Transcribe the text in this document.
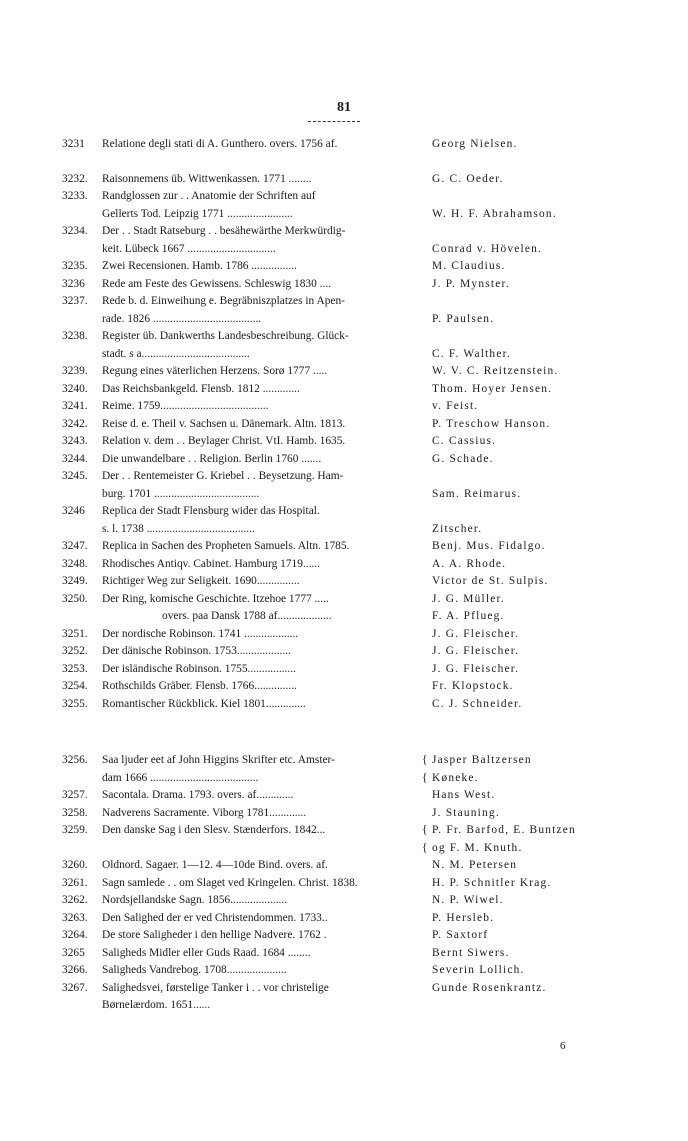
81
3231	Relatione degli stati di A. Gunthero. overs. 1756 af.	Georg Nielsen.
3232.	Raisonnemens üb. Wittwenkassen. 1771 ........	G. C. Oeder.
3233.	Randglossen zur . . Anatomie der Schriften auf
Gellerts Tod. Leipzig 1771 .......................	W. H. F. Abrahamson.
3234.	Der . . Stadt Ratseburg . . besähewärthe Merkwürdig-
keit. Lübeck 1667 ...............................	Conrad v. Hövelen.
3235.	Zwei Recensionen. Hamb. 1786 ................	M. Claudius.
3236	Rede am Feste des Gewissens. Schleswig 1830 ....	J. P. Mynster.
3237.	Rede b. d. Einweihung e. Begräbniszplatzes in Apen-
rade. 1826 ......................................	P. Paulsen.
3238.	Register üb. Dankwerths Landesbeschreibung. Glück-
stadt. s a......................................	C. F. Walther.
3239.	Regung eines väterlichen Herzens. Sorø 1777 .....	W. V. C. Reitzenstein.
3240.	Das Reichsbankgeld. Flensb. 1812 .............	Thom. Hoyer Jensen.
3241.	Reime. 1759......................................	v. Feist.
3242.	Reise d. e. Theil v. Sachsen u. Dänemark. Altn. 1813.	P. Treschow Hanson.
3243.	Relation v. dem . . Beylager Christ. VtI. Hamb. 1635.	C. Cassius.
3244.	Die unwandelbare . . Religion. Berlin 1760 .......	G. Schade.
3245.	Der . . Rentemeister G. Kriebel . . Beysetzung. Ham-
burg. 1701 .....................................	Sam. Reimarus.
3246	Replica der Stadt Flensburg wider das Hospital.
s. l. 1738 ......................................	Zitscher.
3247.	Replica in Sachen des Propheten Samuels. Altn. 1785.	Benj. Mus. Fidalgo.
3248.	Rhodisches Antiqv. Cabinet. Hamburg 1719......	A. A. Rhode.
3249.	Richtiger Weg zur Seligkeit. 1690...............	Victor de St. Sulpis.
3250.	Der Ring, komische Geschichte. Itzehoe 1777 .....	J. G. Müller.
overs. paa Dansk 1788 af...................	F. A. Pflueg.
3251.	Der nordische Robinson. 1741 ...................	J. G. Fleischer.
3252.	Der dänische Robinson. 1753...................	J. G. Fleischer.
3253.	Der isländische Robinson. 1755.................	J. G. Fleischer.
3254.	Rothschilds Gräber. Flensb. 1766...............	Fr. Klopstock.
3255.	Romantischer Rückblick. Kiel 1801..............	C. J. Schneider.
3256.	Saa ljuder eet af John Higgins Skrifter etc. Amster-	{ Jasper Baltzersen
dam 1666 ......................................	{ Køneke.
3257.	Sacontala. Drama. 1793. overs. af.............	Hans West.
3258.	Nadverens Sacramente. Viborg 1781.............	J. Stauning.
3259.	Den danske Sag i den Slesv. Stænderfors. 1842...	{ P. Fr. Barfod, E. Buntzen
{ og F. M. Knuth.
3260.	Oldnord. Sagaer. 1—12. 4—10de Bind. overs. af.	N. M. Petersen
3261.	Sagn samlede . . om Slaget ved Kringelen. Christ. 1838.	H. P. Schnitler Krag.
3262.	Nordsjellandske Sagn. 1856....................	N. P. Wiwel.
3263.	Den Salighed der er ved Christendommen. 1733..	P. Hersleb.
3264.	De store Saligheder i den hellige Nadvere. 1762 .	P. Saxtorf
3265	Saligheds Midler eller Guds Raad. 1684 ........	Bernt Siwers.
3266.	Saligheds Vandrebog. 1708.....................	Severin Lollich.
3267.	Salighedsvei, førstelige Tanker i . . vor christelige	Gunde Rosenkrantz.
Børnelærdom. 1651......
6
